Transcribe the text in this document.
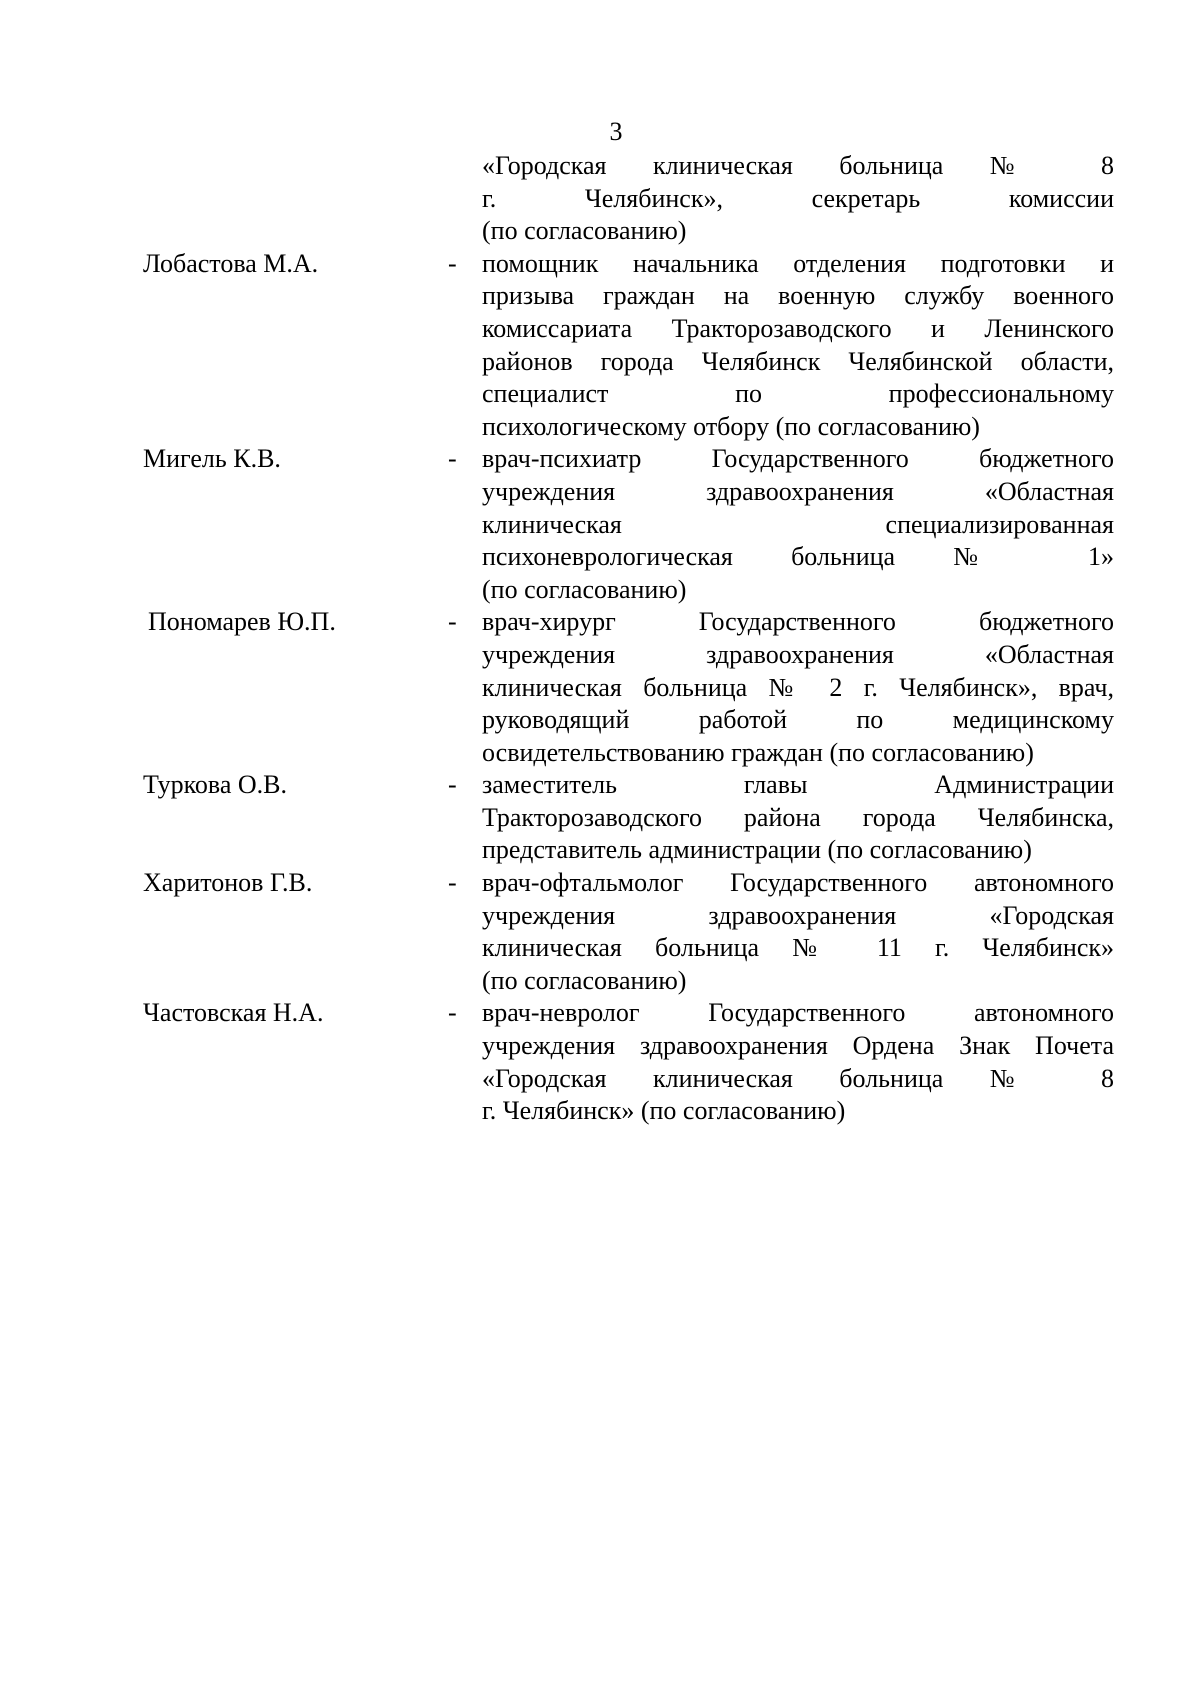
3
«Городская клиническая больница № 8
г. Челябинск», секретарь комиссии
(по согласованию)
Лобастова М.А.	- помощник начальника отделения подготовки и
призыва граждан на военную службу военного
комиссариата Тракторозаводского и Ленинского
районов города Челябинск Челябинской области,
специалист по профессиональному
психологическому отбору (по согласованию)
Мигель К.В.	- врач-психиатр Государственного бюджетного
учреждения здравоохранения «Областная
клиническая специализированная
психоневрологическая больница № 1»
(по согласованию)
Пономарев Ю.П.	- врач-хирург Государственного бюджетного
учреждения здравоохранения «Областная
клиническая больница № 2 г. Челябинск», врач,
руководящий работой по медицинскому
освидетельствованию граждан (по согласованию)
Туркова О.В.	- заместитель главы Администрации
Тракторозаводского района города Челябинска,
представитель администрации (по согласованию)
Харитонов Г.В.	- врач-офтальмолог Государственного автономного
учреждения здравоохранения «Городская
клиническая больница № 11 г. Челябинск»
(по согласованию)
Частовская Н.А.	- врач-невролог Государственного автономного
учреждения здравоохранения Ордена Знак Почета
«Городская клиническая больница № 8
г. Челябинск» (по согласованию)
